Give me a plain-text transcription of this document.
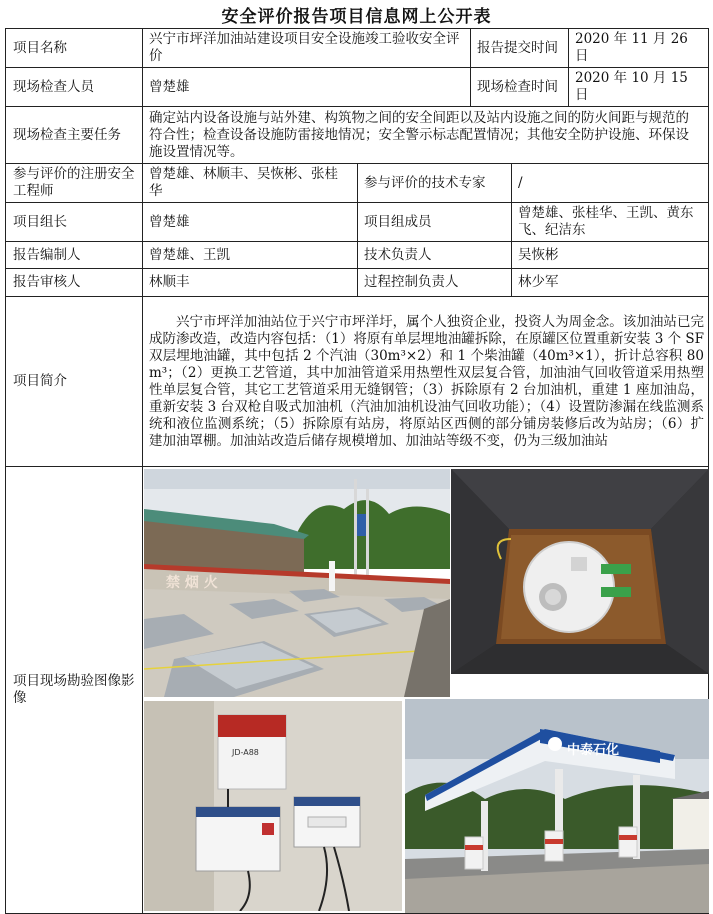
安全评价报告项目信息网上公开表
项目名称	兴宁市坪洋加油站建设项目安全设施竣工验收安全评价		报告提交时间		2020 年 11 月 26 日
现场检查人员	曾楚雄		现场检查时间		2020 年 10 月 15 日
现场检查主要任务	确定站内设备设施与站外建、构筑物之间的安全间距以及站内设施之间的防火间距与规范的符合性；检查设备设施防雷接地情况；安全警示标志配置情况；其他安全防护设施、环保设施设置情况等。				
参与评价的注册安全工程师	曾楚雄、林顺丰、吴恢彬、张桂华	参与评价的技术专家		/	
项目组长	曾楚雄	项目组成员		曾楚雄、张桂华、王凯、黄东飞、纪洁东	
报告编制人	曾楚雄、王凯	技术负责人		吴恢彬	
报告审核人	林顺丰	过程控制负责人		林少军	
项目简介	兴宁市坪洋加油站位于兴宁市坪洋圩，属个人独资企业，投资人为周金念。该加油站已完成防渗改造，改造内容包括：（1）将原有单层埋地油罐拆除，在原罐区位置重新安装 3 个 SF 双层埋地油罐，其中包括 2 个汽油（30m³×2）和 1 个柴油罐（40m³×1），折计总容积 80m³；（2）更换工艺管道，其中加油管道采用热塑性双层复合管，加油油气回收管道采用热塑性单层复合管，其它工艺管道采用无缝钢管；（3）拆除原有 2 台加油机，重建 1 座加油岛，重新安装 3 台双枪自吸式加油机（汽油加油机设油气回收功能）；（4）设置防渗漏在线监测系统和液位监测系统；（5）拆除原有站房，将原站区西侧的部分铺房装修后改为站房；（6）扩建加油罩棚。加油站改造后储存规模增加、加油站等级不变，仍为三级加油站				
项目现场勘验图像影像	禁 烟 火
JD-A88 中泰石化				
